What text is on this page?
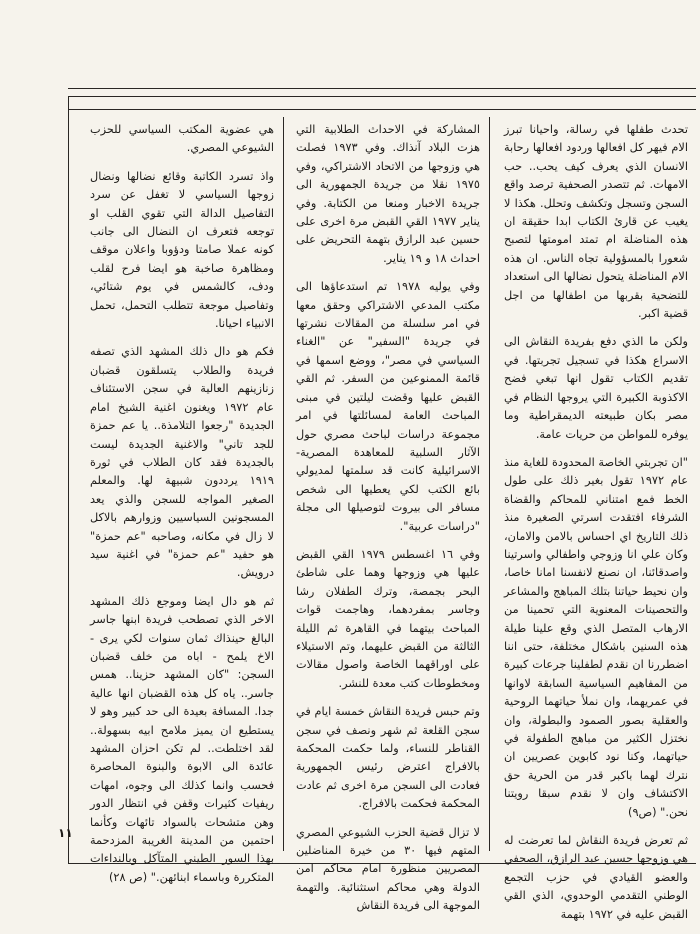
تحدث طفلها في رسالة، واحيانا تبرز الام فيهر كل افعالها وردود افعالها رحابة الانسان الذي يعرف كيف يحب.. حب الامهات. ثم تتصدر الصحفية ترصد واقع السجن وتسجل وتكشف وتحلل. هكذا لا يغيب عن قارئ الكتاب ابدا حقيقة ان هذه المناضلة ام تمتد امومتها لتصبح شعورا بالمسؤولية تجاه الناس. ان هذه الام المناضلة يتحول نضالها الى استعداد للتضحية بقربها من اطفالها من اجل قضية اكبر.

ولكن ما الذي دفع بفريدة النقاش الى الاسراع هكذا في تسجيل تجربتها. في تقديم الكتاب تقول انها تبغي فضح الاكذوبة الكبيرة التي يروجها النظام في مصر بكان طبيعته الديمقراطية وما يوفره للمواطن من حريات عامة.

"ان تجربتي الخاصة المحدودة للغاية منذ عام ١٩٧٢ تقول بغير ذلك على طول الخط فمع امتناني للمحاكم والقضاة الشرفاء افتقدت اسرتي الصغيرة منذ ذلك التاريخ اي احساس بالامن والامان، وكان علي انا وزوجي واطفالي واسرتينا واصدقائنا، ان نصنع لانفسنا امانا خاصا، وان نحيط حياتنا بتلك المباهج والمشاعر والتحصينات المعنوية التي تحمينا من الارهاب المتصل الذي وقع علينا طيلة هذه السنين باشكال مختلفة، حتى اننا اضطررنا ان نقدم لطفلينا جرعات كبيرة من المفاهيم السياسية السابقة لاوانها في عمريهما، وان نملأ حياتهما الروحية والعقلية بصور الصمود والبطولة، وان نختزل الكثير من مباهج الطفولة في حياتهما، وكنا نود كابوين عصريين ان نترك لهما باكبر قدر من الحرية حق الاكتشاف وان لا نقدم سبقا رويتنا نحن." (ص٩)

ثم تعرض فريدة النقاش لما تعرضت له هي وزوجها حسين عبد الرازق، الصحفي والعضو القيادي في حزب التجمع الوطني التقدمي الوحدوي، الذي القي القبض عليه في ١٩٧٢ بتهمة

المشاركة في الاحداث الطلابية التي هزت البلاد آنذاك. وفي ١٩٧٣ فصلت هي وزوجها من الاتحاد الاشتراكي، وفي ١٩٧٥ نقلا من جريدة الجمهورية الى جريدة الاخبار ومنعا من الكتابة. وفي يناير ١٩٧٧ القي القبض مرة اخرى على حسين عبد الرازق بتهمة التحريض على احداث ١٨ و ١٩ يناير.

وفي يوليه ١٩٧٨ تم استدعاؤها الى مكتب المدعي الاشتراكي وحقق معها في امر سلسلة من المقالات نشرتها في جريدة "السفير" عن "الغناء السياسي في مصر"، ووضع اسمها في قائمة الممنوعين من السفر. ثم القي القبض عليها وقضت ليلتين في مبنى المباحث العامة لمسائلتها في امر مجموعة دراسات لباحث مصري حول الآثار السلبية للمعاهدة المصرية-الاسرائيلية كانت قد سلمتها لمديولي بائع الكتب لكي يعطيها الى شخص مسافر الى بيروت لتوصيلها الى مجلة "دراسات عربية".

وفي ١٦ اغسطس ١٩٧٩ القي القبض عليها هي وزوجها وهما على شاطئ البحر بجمصة، وترك الطفلان رشا وجاسر بمفردهما، وهاجمت قوات المباحث بيتهما في القاهرة ثم الليلة الثالثة من القبض عليهما، وتم الاستيلاء على اوراقهما الخاصة واصول مقالات ومخطوطات كتب معدة للنشر.

وتم حبس فريدة النقاش خمسة ايام في سجن القلعة ثم شهر ونصف في سجن القناطر للنساء، ولما حكمت المحكمة بالافراج اعترض رئيس الجمهورية فعادت الى السجن مرة اخرى ثم عادت المحكمة فحكمت بالافراج.

لا تزال قضية الحزب الشيوعي المصري المتهم فيها ٣٠ من خيرة المناضلين المصريين منظورة امام محاكم امن الدولة وهي محاكم استثنائية. والتهمة الموجهة الى فريدة النقاش

هي عضوية المكتب السياسي للحزب الشيوعي المصري.

واذ تسرد الكاتبة وقائع نضالها ونضال زوجها السياسي لا تغفل عن سرد التفاصيل الدالة التي تقوي القلب او توجعه فتعرف ان النضال الى جانب كونه عملا صامتا ودؤوبا واعلان موقف ومظاهرة صاخبة هو ايضا فرح لقلب ودف، كالشمس في يوم شتائي، وتفاصيل موجعة تتطلب التحمل، تحمل الانبياء احيانا.

فكم هو دال ذلك المشهد الذي تصفه فريدة والطلاب يتسلقون قضبان زنازينهم العالية في سجن الاستئناف عام ١٩٧٢ ويغنون اغنية الشيخ امام الجديدة "رجعوا التلامذة.. يا عم حمزة للجد تاني" والاغنية الجديدة ليست بالجديدة فقد كان الطلاب في ثورة ١٩١٩ يرددون شبيهة لها. والمعلم الصغير المواجه للسجن والذي يعد المسجونين السياسيين وزوارهم بالاكل لا زال في مكانه، وصاحبه "عم حمزة" هو حفيد "عم حمزة" في اغنية سيد درويش.

ثم هو دال ايضا وموجع ذلك المشهد الاخر الذي تصطحب فريدة ابنها جاسر البالغ حينذاك ثمان سنوات لكي يرى - الاخ يلمح - اباه من خلف قضبان السجن: "كان المشهد حزينا.. همس جاسر.. ياه كل هذه القضبان انها عالية جدا. المسافة بعيدة الى حد كبير وهو لا يستطيع ان يميز ملامح ابيه بسهولة.. لقد اختلطت.. لم تكن احزان المشهد عائدة الى الابوة والبنوة المحاصرة فحسب وانما كذلك الى وجوه، امهات ريفيات كثيرات وقفن في انتظار الدور وهن متشحات بالسواد تائهات وكأنما احتمين من المدينة الغريبة المزدحمة بهذا السور الطيني المتآكل وبالنداءات المتكررة وباسماء ابنائهن." (ص ٢٨)

١١
